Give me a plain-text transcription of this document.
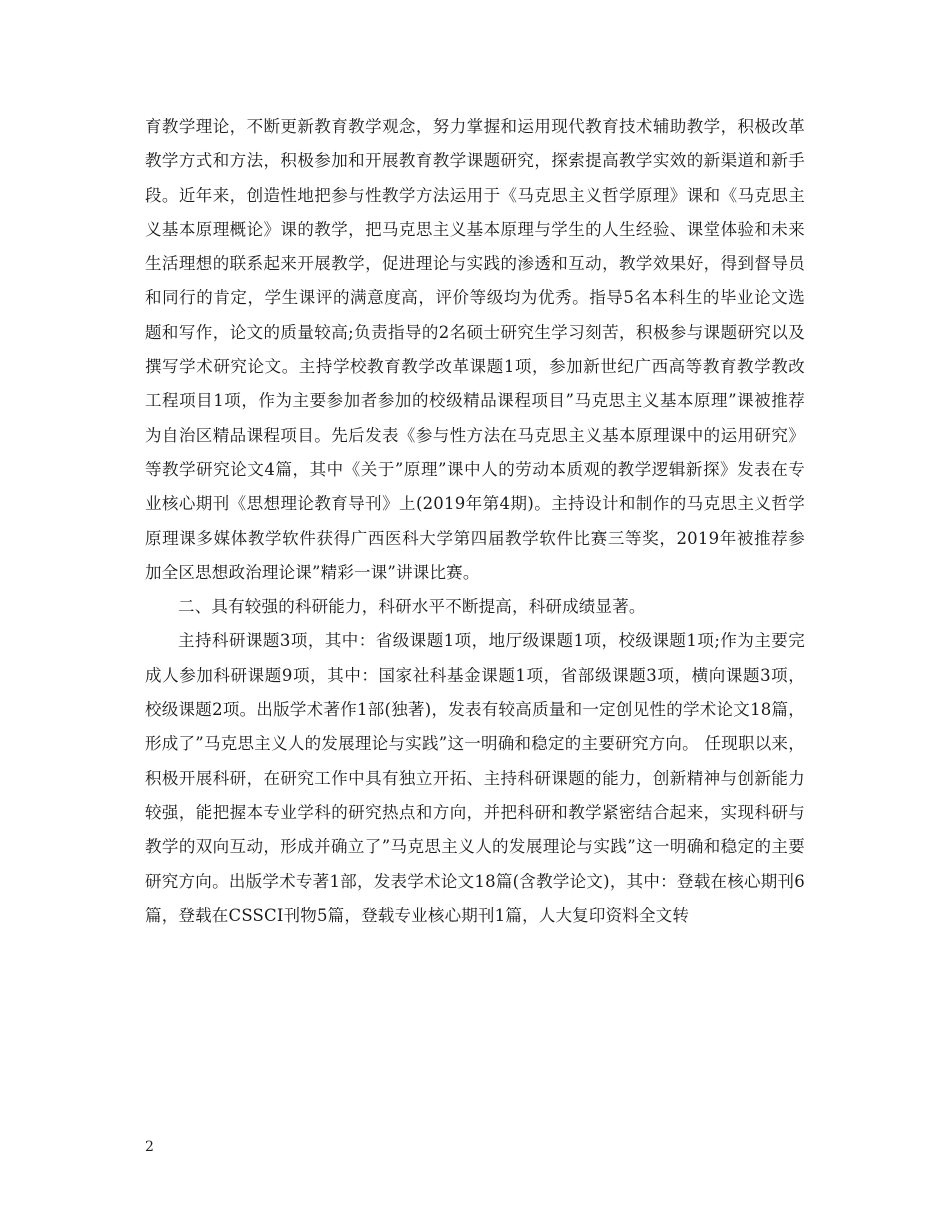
育教学理论，不断更新教育教学观念，努力掌握和运用现代教育技术辅助教学，积极改革教学方式和方法，积极参加和开展教育教学课题研究，探索提高教学实效的新渠道和新手段。近年来，创造性地把参与性教学方法运用于《马克思主义哲学原理》课和《马克思主义基本原理概论》课的教学，把马克思主义基本原理与学生的人生经验、课堂体验和未来生活理想的联系起来开展教学，促进理论与实践的渗透和互动，教学效果好，得到督导员和同行的肯定，学生课评的满意度高，评价等级均为优秀。指导5名本科生的毕业论文选题和写作，论文的质量较高;负责指导的2名硕士研究生学习刻苦，积极参与课题研究以及撰写学术研究论文。主持学校教育教学改革课题1项，参加新世纪广西高等教育教学教改工程项目1项，作为主要参加者参加的校级精品课程项目”马克思主义基本原理”课被推荐为自治区精品课程项目。先后发表《参与性方法在马克思主义基本原理课中的运用研究》等教学研究论文4篇，其中《关于”原理”课中人的劳动本质观的教学逻辑新探》发表在专业核心期刊《思想理论教育导刊》上(2019年第4期)。主持设计和制作的马克思主义哲学原理课多媒体教学软件获得广西医科大学第四届教学软件比赛三等奖，2019年被推荐参加全区思想政治理论课”精彩一课”讲课比赛。

二、具有较强的科研能力，科研水平不断提高，科研成绩显著。

主持科研课题3项，其中：省级课题1项，地厅级课题1项，校级课题1项;作为主要完成人参加科研课题9项，其中：国家社科基金课题1项，省部级课题3项，横向课题3项，校级课题2项。出版学术著作1部(独著)，发表有较高质量和一定创见性的学术论文18篇，形成了”马克思主义人的发展理论与实践”这一明确和稳定的主要研究方向。 任现职以来，积极开展科研，在研究工作中具有独立开拓、主持科研课题的能力，创新精神与创新能力较强，能把握本专业学科的研究热点和方向，并把科研和教学紧密结合起来，实现科研与教学的双向互动，形成并确立了”马克思主义人的发展理论与实践”这一明确和稳定的主要研究方向。出版学术专著1部，发表学术论文18篇(含教学论文)，其中：登载在核心期刊6篇，登载在CSSCI刊物5篇，登载专业核心期刊1篇，人大复印资料全文转

2
